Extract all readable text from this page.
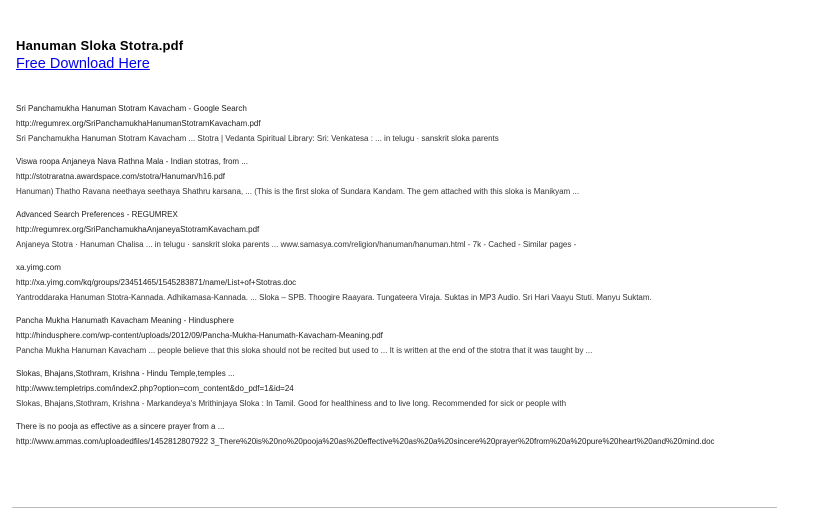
Hanuman Sloka Stotra.pdf
Free Download Here
Sri Panchamukha Hanuman Stotram Kavacham - Google Search
http://regumrex.org/SriPanchamukhaHanumanStotramKavacham.pdf
Sri Panchamukha Hanuman Stotram Kavacham ... Stotra | Vedanta Spiritual Library: Sri: Venkatesa : ... in telugu · sanskrit sloka parents
Viswa roopa Anjaneya Nava Rathna Mala - Indian stotras, from ...
http://stotraratna.awardspace.com/stotra/Hanuman/h16.pdf
Hanuman) Thatho Ravana neethaya seethaya Shathru karsana, ... (This is the first sloka of Sundara Kandam. The gem attached with this sloka is Manikyam ...
Advanced Search Preferences - REGUMREX
http://regumrex.org/SriPanchamukhaAnjaneyaStotramKavacham.pdf
Anjaneya Stotra · Hanuman Chalisa ... in telugu · sanskrit sloka parents ... www.samasya.com/religion/hanuman/hanuman.html - 7k - Cached - Similar pages -
xa.yimg.com
http://xa.yimg.com/kq/groups/23451465/1545283871/name/List+of+Stotras.doc
Yantroddaraka Hanuman Stotra-Kannada. Adhikamasa-Kannada. ... Sloka – SPB. Thoogire Raayara. Tungateera Viraja. Suktas in MP3 Audio. Sri Hari Vaayu Stuti. Manyu Suktam.
Pancha Mukha Hanumath Kavacham Meaning - Hindusphere
http://hindusphere.com/wp-content/uploads/2012/09/Pancha-Mukha-Hanumath-Kavacham-Meaning.pdf
Pancha Mukha Hanuman Kavacham ... people believe that this sloka should not be recited but used to ... It is written at the end of the stotra that it was taught by ...
Slokas, Bhajans,Stothram, Krishna - Hindu Temple,temples ...
http://www.templetrips.com/index2.php?option=com_content&do_pdf=1&id=24
Slokas, Bhajans,Stothram, Krishna - Markandeya's Mrithinjaya Sloka : In Tamil. Good for healthiness and to live long. Recommended for sick or people with
There is no pooja as effective as a sincere prayer from a ...
http://www.ammas.com/uploadedfiles/1452812807922 3_There%20is%20no%20pooja%20as%20effective%20as%20a%20sincere%20prayer%20from%20a%20pure%20heart%20and%20mind.doc
